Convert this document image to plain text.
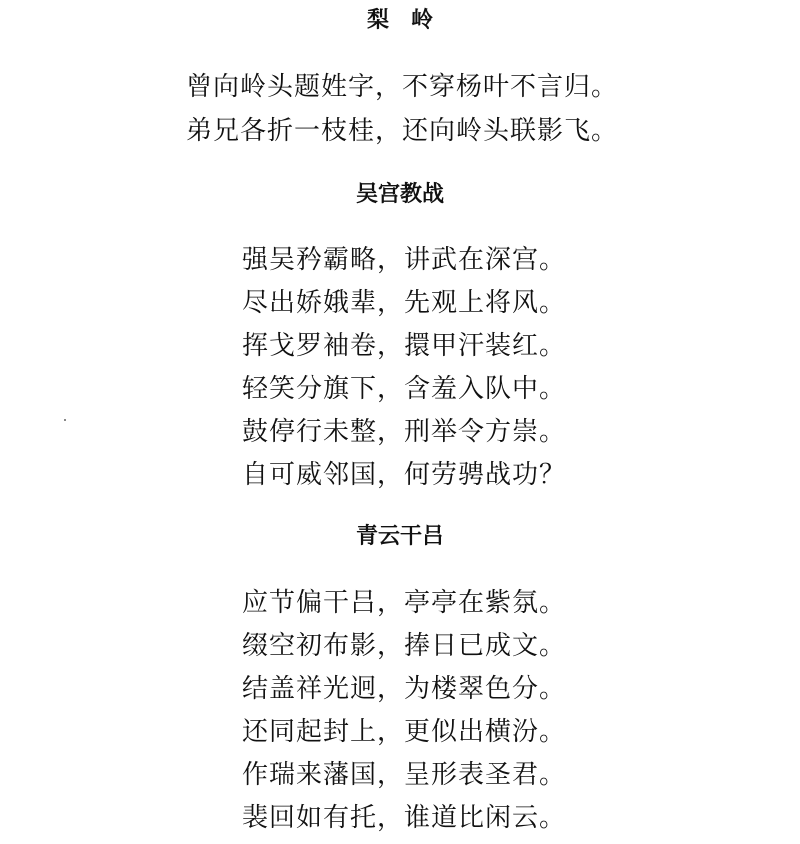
梨　岭

曾向岭头题姓字，不穿杨叶不言归。

弟兄各折一枝桂，还向岭头联影飞。

吴宫教战

强吴矜霸略，讲武在深宫。

尽出娇娥辈，先观上将风。

挥戈罗袖卷，擐甲汗装红。

轻笑分旗下，含羞入队中。

鼓停行未整，刑举令方崇。

自可威邻国，何劳骋战功？

青云干吕

应节偏干吕，亭亭在紫氛。

缀空初布影，捧日已成文。

结盖祥光迥，为楼翠色分。

还同起封上，更似出横汾。

作瑞来藩国，呈形表圣君。

裴回如有托，谁道比闲云。
